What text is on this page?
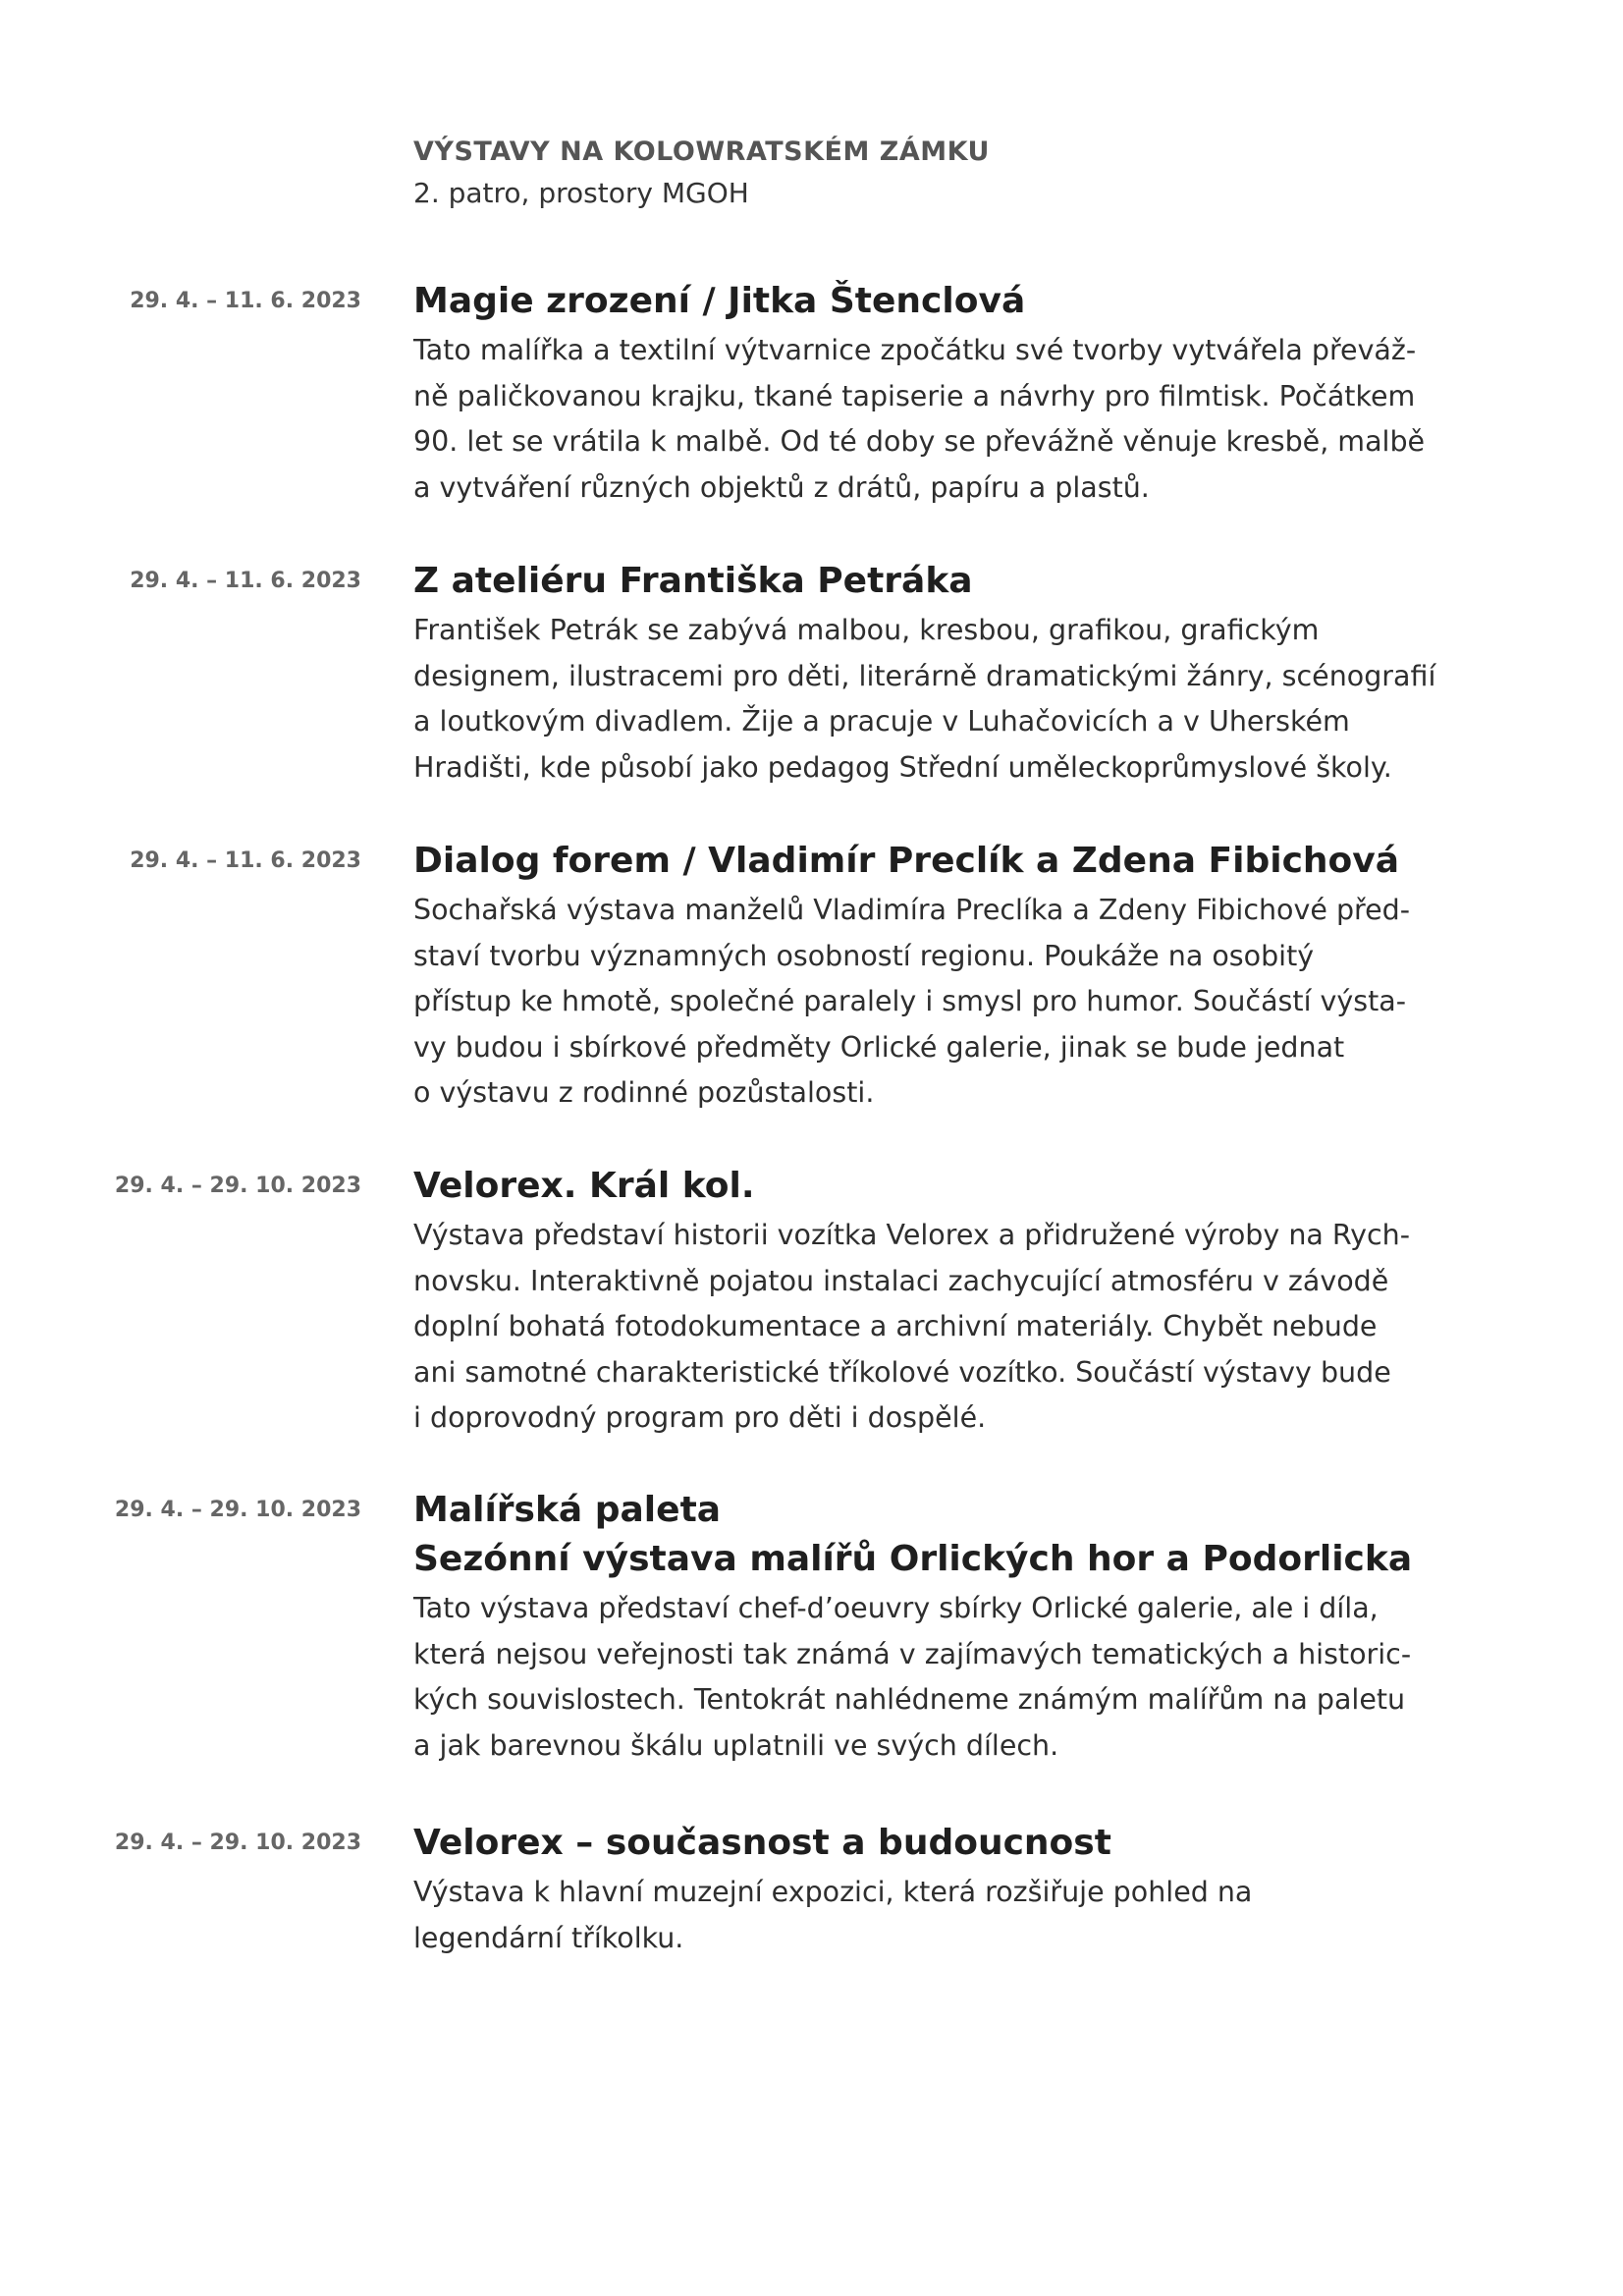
VÝSTAVY NA KOLOWRATSKÉM ZÁMKU
2. patro, prostory MGOH
29. 4. – 11. 6. 2023 Magie zrození / Jitka Štenclová
Tato malířka a textilní výtvarnice zpočátku své tvorby vytvářela převáž-
ně paličkovanou krajku, tkané tapiserie a návrhy pro filmtisk. Počátkem
90. let se vrátila k malbě. Od té doby se převážně věnuje kresbě, malbě
a vytváření různých objektů z drátů, papíru a plastů.
29. 4. – 11. 6. 2023 Z ateliéru Františka Petráka
František Petrák se zabývá malbou, kresbou, grafikou, grafickým
designem, ilustracemi pro děti, literárně dramatickými žánry, scénografií
a loutkovým divadlem. Žije a pracuje v Luhačovicích a v Uherském
Hradišti, kde působí jako pedagog Střední uměleckoprůmyslové školy.
29. 4. – 11. 6. 2023 Dialog forem / Vladimír Preclík a Zdena Fibichová
Sochařská výstava manželů Vladimíra Preclíka a Zdeny Fibichové před-
staví tvorbu významných osobností regionu. Poukáže na osobitý
přístup ke hmotě, společné paralely i smysl pro humor. Součástí výsta-
vy budou i sbírkové předměty Orlické galerie, jinak se bude jednat
o výstavu z rodinné pozůstalosti.
29. 4. – 29. 10. 2023 Velorex. Král kol.
Výstava představí historii vozítka Velorex a přidružené výroby na Rych-
novsku. Interaktivně pojatou instalaci zachycující atmosféru v závodě
doplní bohatá fotodokumentace a archivní materiály. Chybět nebude
ani samotné charakteristické tříkolové vozítko. Součástí výstavy bude
i doprovodný program pro děti i dospělé.
29. 4. – 29. 10. 2023 Malířská paleta
Sezónní výstava malířů Orlických hor a Podorlicka
Tato výstava představí chef-d’oeuvry sbírky Orlické galerie, ale i díla,
která nejsou veřejnosti tak známá v zajímavých tematických a historic-
kých souvislostech. Tentokrát nahlédneme známým malířům na paletu
a jak barevnou škálu uplatnili ve svých dílech.
29. 4. – 29. 10. 2023 Velorex – současnost a budoucnost
Výstava k hlavní muzejní expozici, která rozšiřuje pohled na
legendární tříkolku.
